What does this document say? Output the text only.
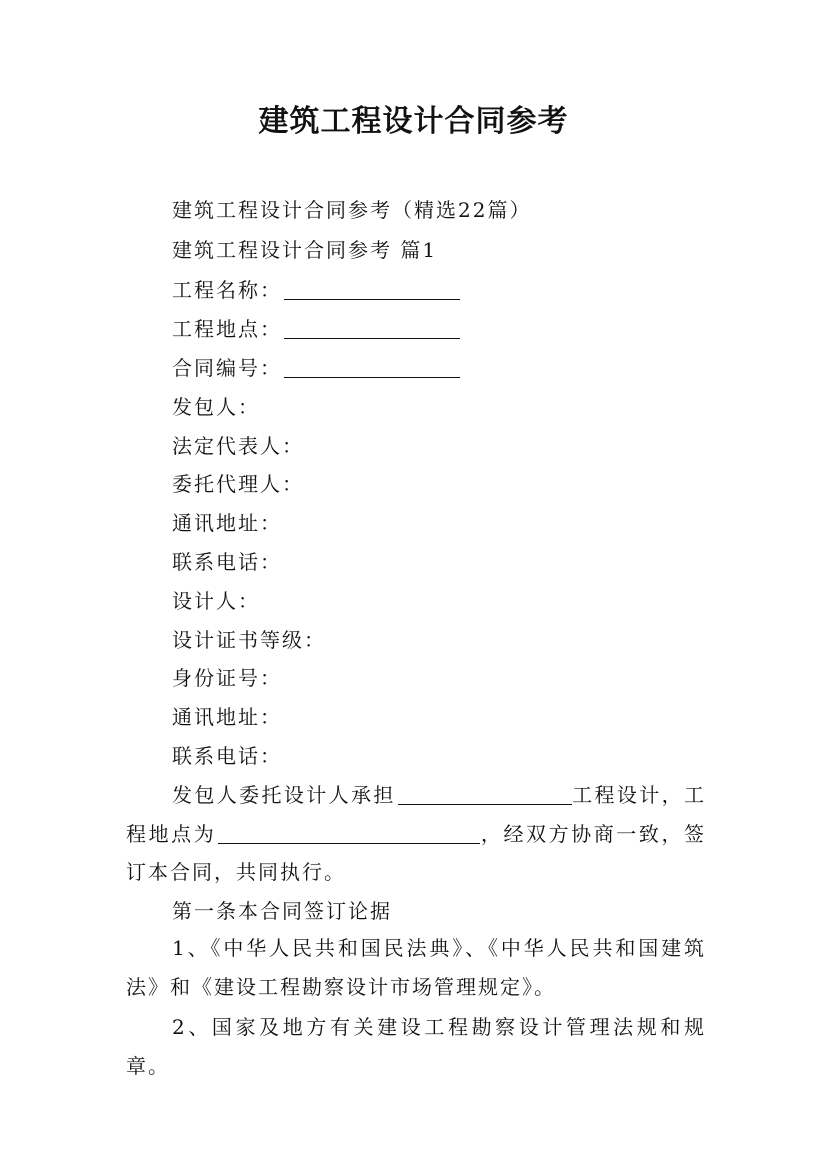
建筑工程设计合同参考
建筑工程设计合同参考（精选22篇）
建筑工程设计合同参考 篇1
工程名称：
工程地点：
合同编号：
发包人：
法定代表人：
委托代理人：
通讯地址：
联系电话：
设计人：
设计证书等级：
身份证号：
通讯地址：
联系电话：

发包人委托设计人承担	工程设计，工程地点为	，经双方协商一致，签订本合同，共同执行。

第一条本合同签订论据

1、《中华人民共和国民法典》、《中华人民共和国建筑法》和《建设工程勘察设计市场管理规定》。

2、国家及地方有关建设工程勘察设计管理法规和规章。
